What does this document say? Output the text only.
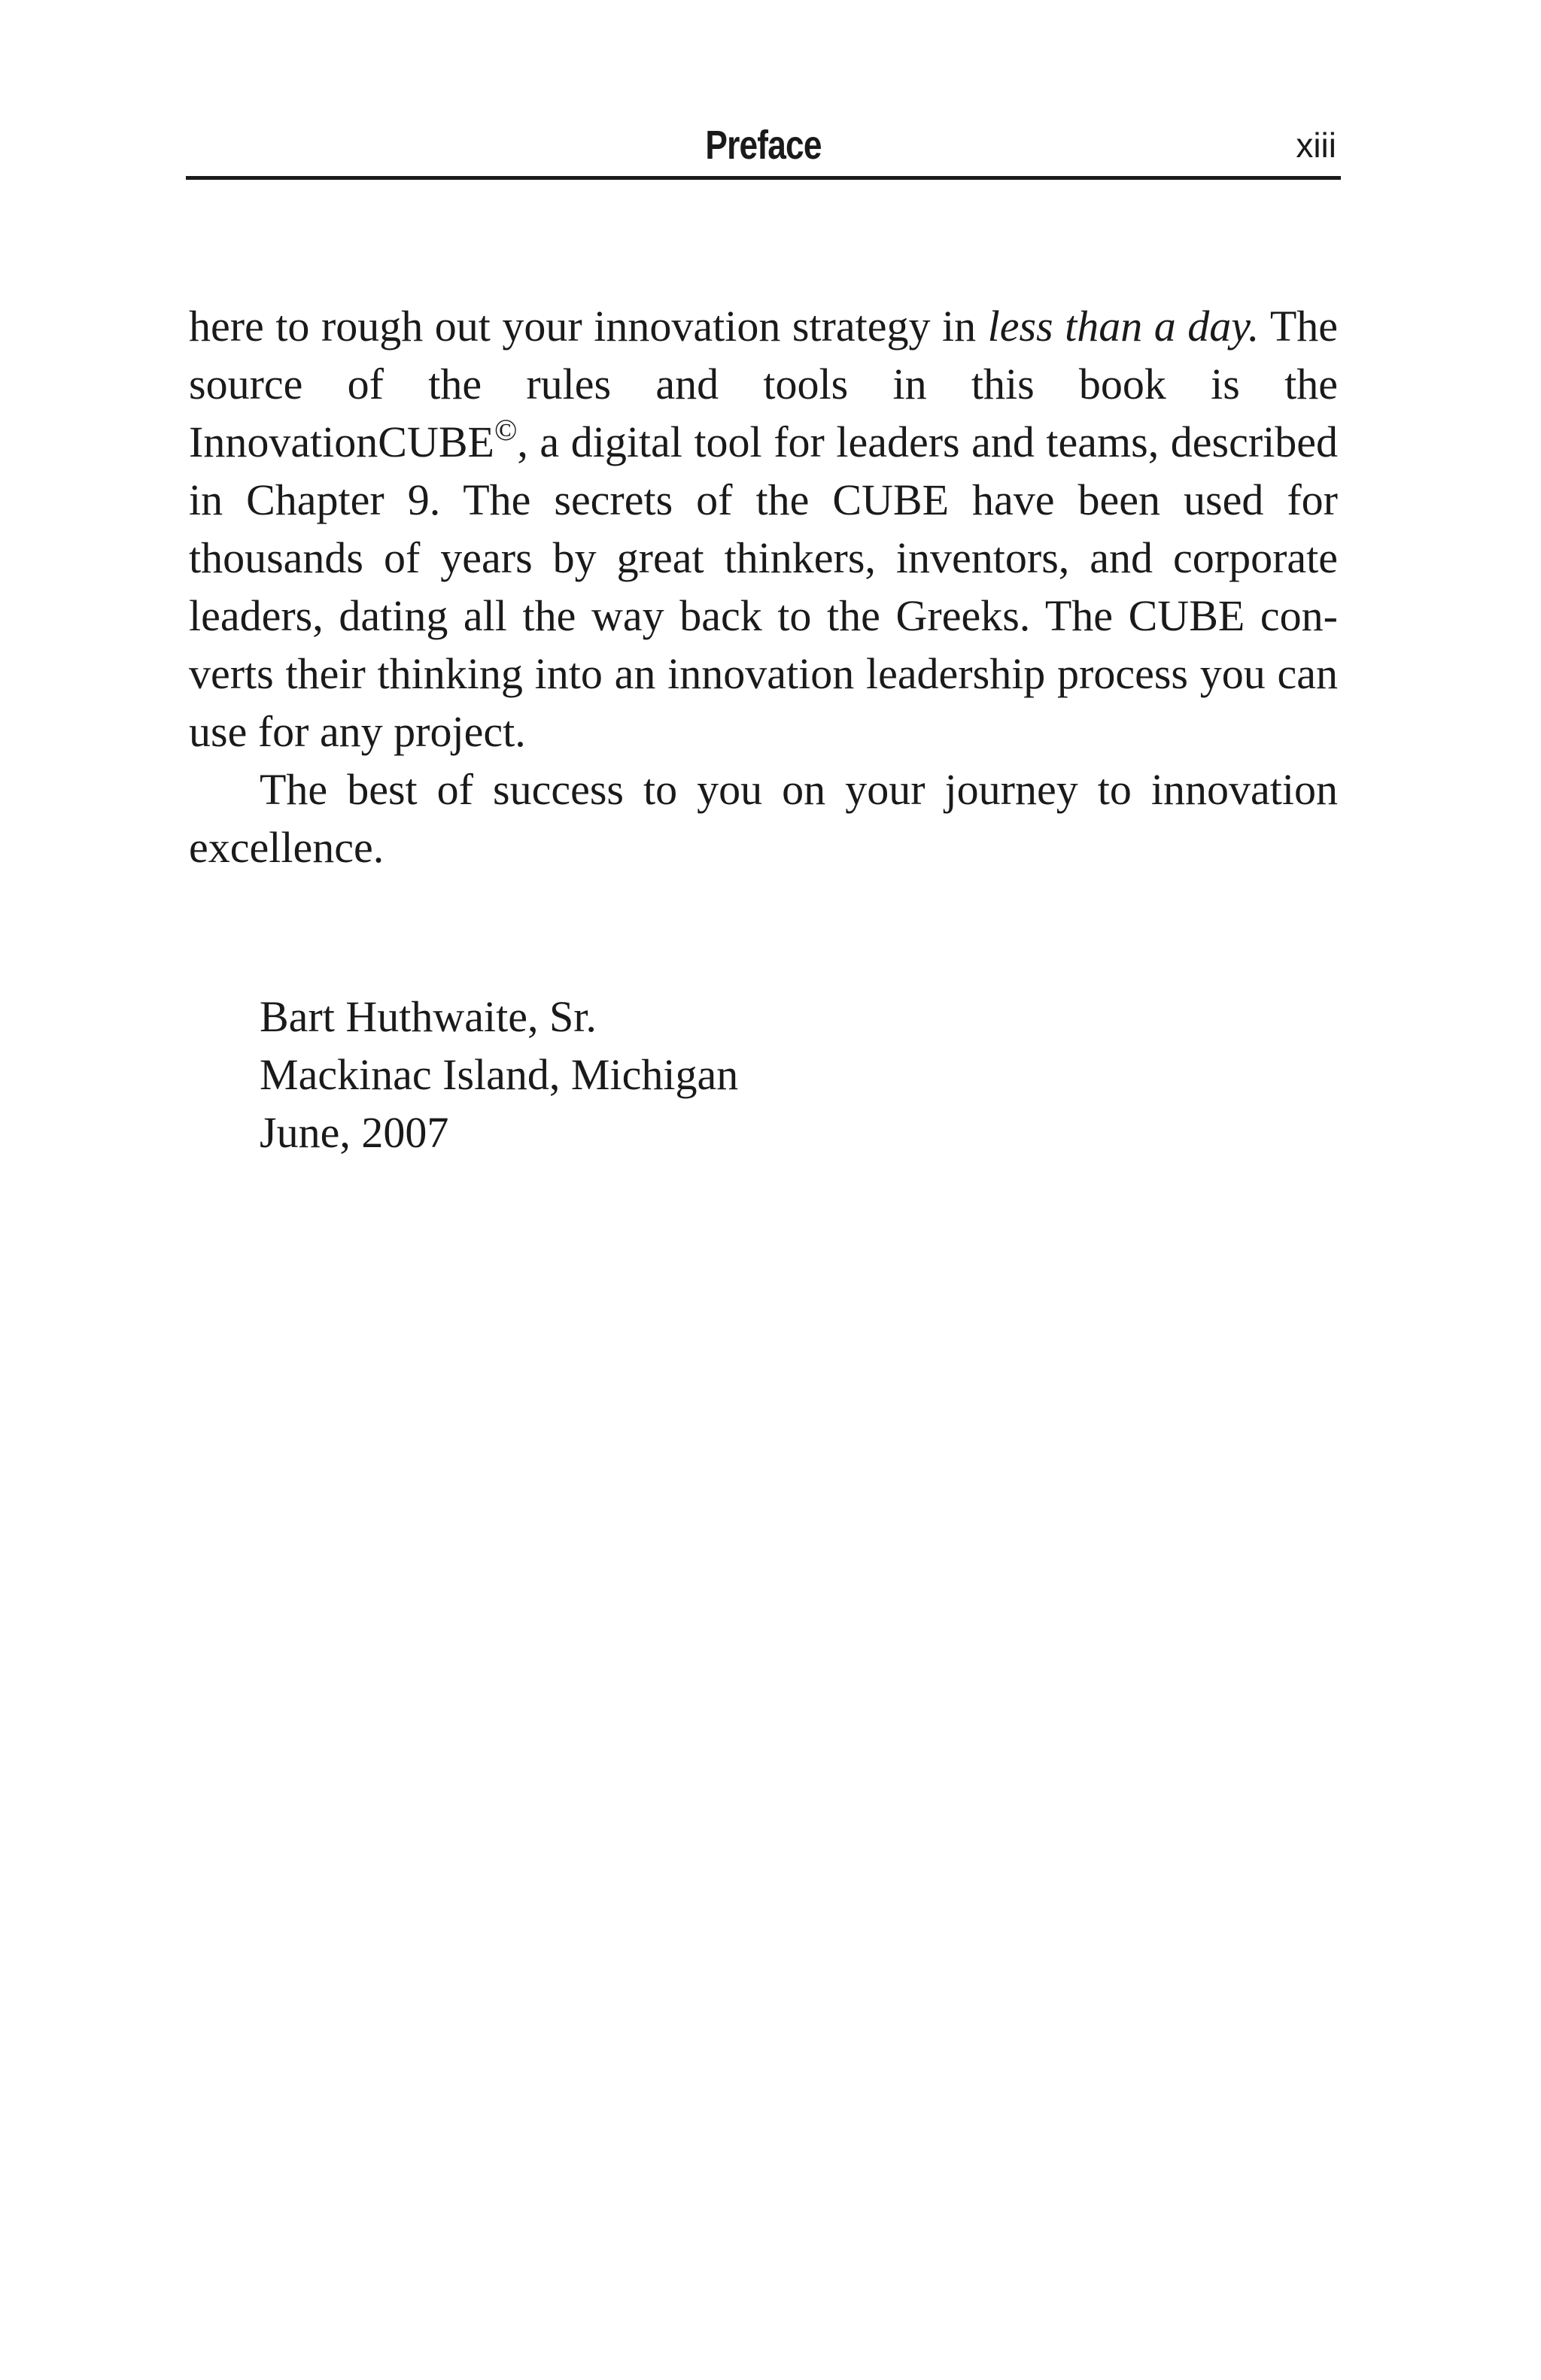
Preface	xiii

here to rough out your innovation strategy in less than a day. The source of the rules and tools in this book is the InnovationCUBE©, a digital tool for leaders and teams, described in Chapter 9. The secrets of the CUBE have been used for thousands of years by great thinkers, inventors, and corporate leaders, dating all the way back to the Greeks. The CUBE converts their thinking into an innovation leadership process you can use for any project.

The best of success to you on your journey to innovation excellence.

Bart Huthwaite, Sr.
Mackinac Island, Michigan
June, 2007
